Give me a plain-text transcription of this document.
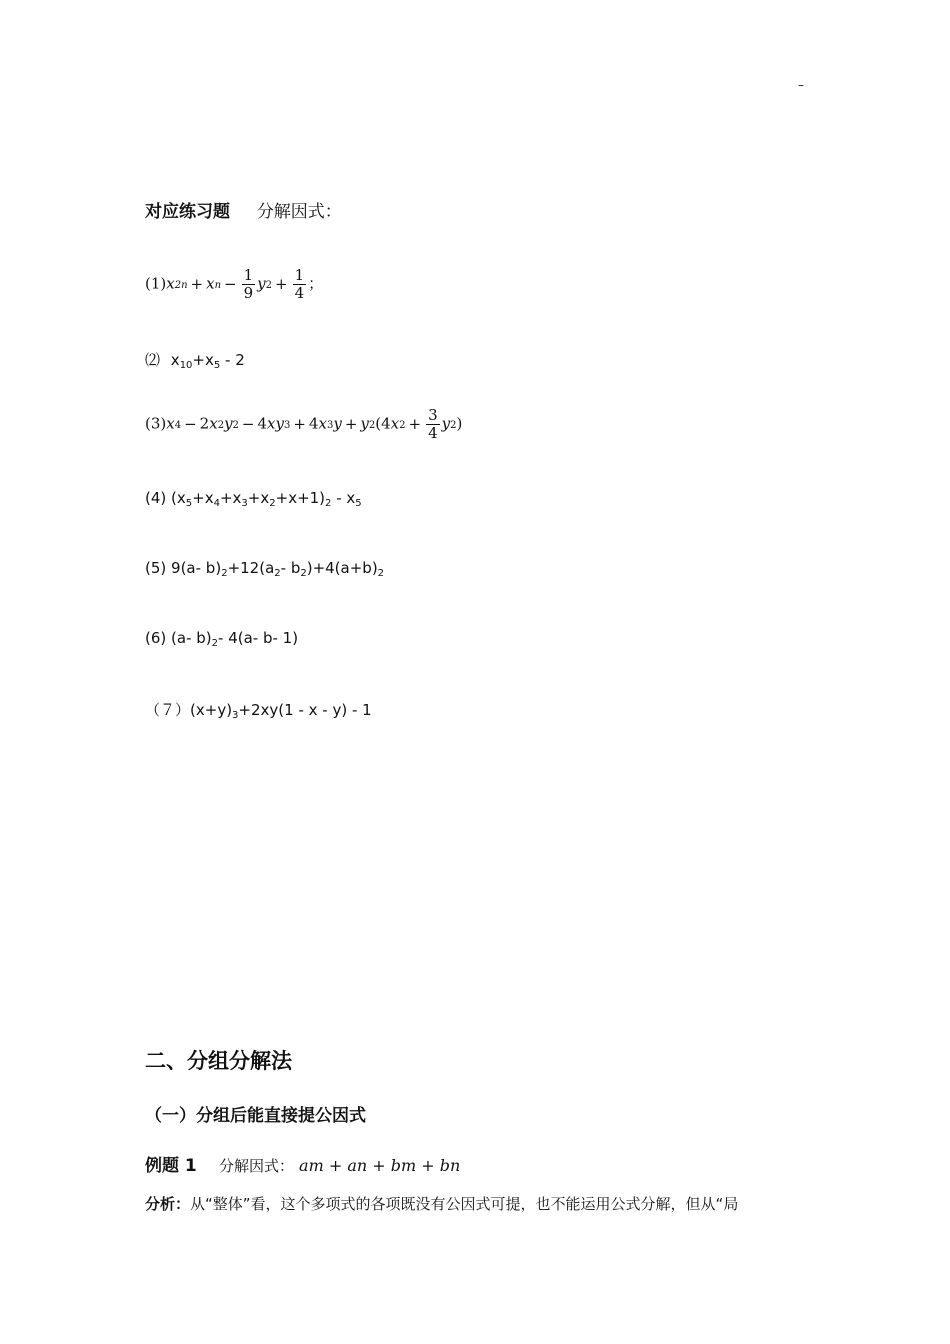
–
对应练习题 分解因式：
(1)x2n + xn − $\frac{1}{9} y2 + \frac{1}{4}$ ；
⑵ $x_{10}+x_5 - 2$
$(3)x4 - 2x2y2 - 4xy3 + 4x3y + y2(4x2 + \frac{3}{4} y2)$
(4) $(x_5+x_4+x_3+x_2+x+1)_2 - x_5$
(5) 9(a- $b)_2+12(a_2-$ $b_2)+4(a+b)_2$
(6) (a- $b)_2-$ 4(a- b- 1)
$(7)(x+y)_3+2xy(1 - x - y) - 1$
二、分组分解法
（一）分组后能直接提公因式
例题 1 分解因式： am + an + bm + bn
分析：从“整体”看，这个多项式的各项既没有公因式可提，也不能运用公式分解，但从“局
